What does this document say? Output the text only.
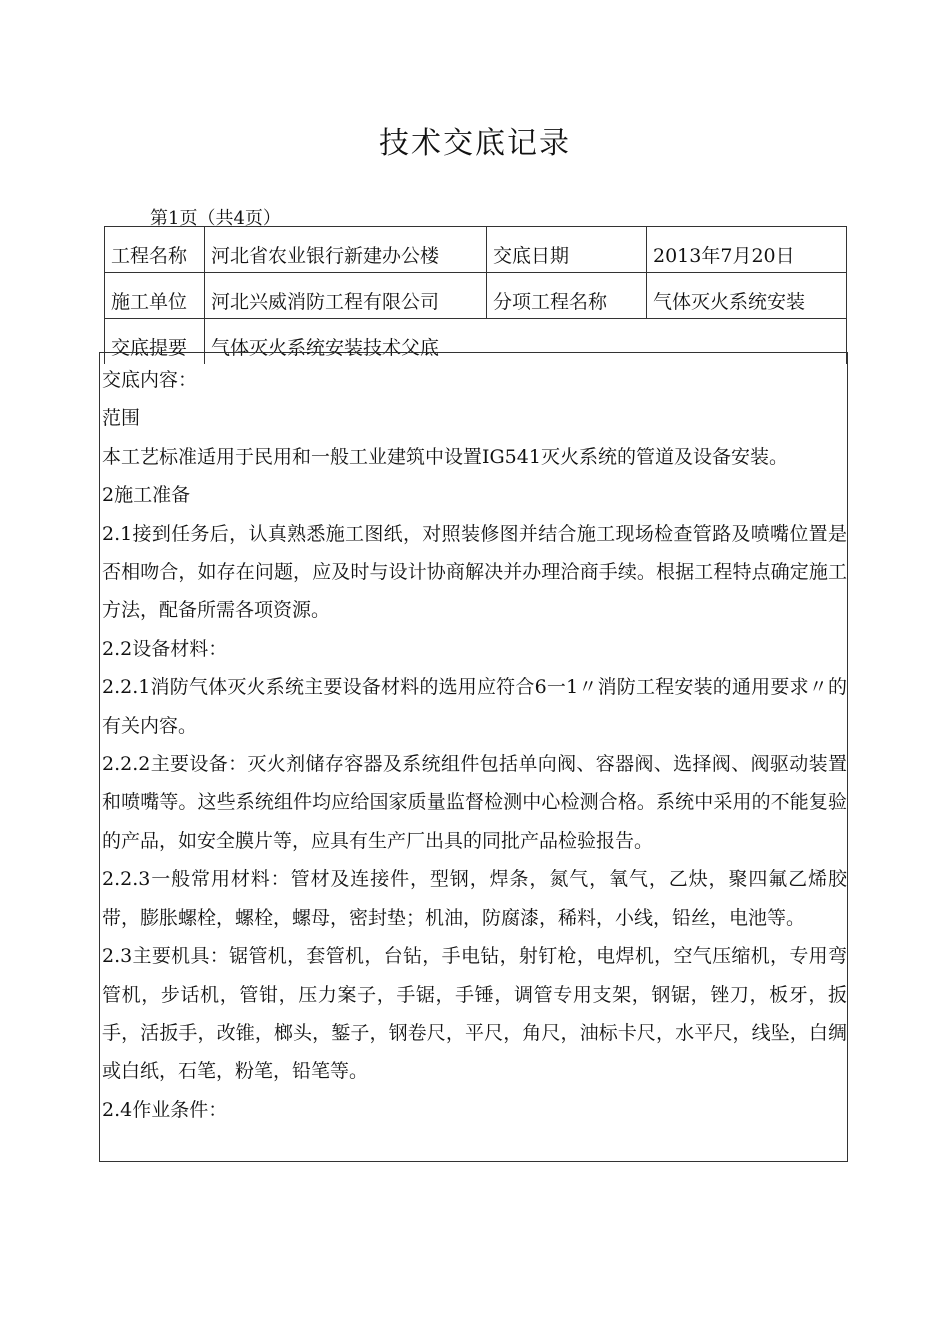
技术交底记录
第1页（共4页）
工程名称	河北省农业银行新建办公楼	交底日期	2013年7月20日
施工单位	河北兴威消防工程有限公司	分项工程名称	气体灭火系统安装
交底提要	气体灭火系统安装技术父底		

交底内容：

范围

本工艺标准适用于民用和一般工业建筑中设置IG541灭火系统的管道及设备安装。

2施工准备

2.1接到任务后，认真熟悉施工图纸，对照装修图并结合施工现场检查管路及喷嘴位置是否相吻合，如存在问题，应及时与设计协商解决并办理洽商手续。根据工程特点确定施工方法，配备所需各项资源。

2.2设备材料：

2.2.1消防气体灭火系统主要设备材料的选用应符合6一1〃消防工程安装的通用要求〃的有关内容。

2.2.2主要设备：灭火剂储存容器及系统组件包括单向阀、容器阀、选择阀、阀驱动装置和喷嘴等。这些系统组件均应给国家质量监督检测中心检测合格。系统中采用的不能复验的产品，如安全膜片等，应具有生产厂出具的同批产品检验报告。

2.2.3一般常用材料：管材及连接件，型钢，焊条，氮气，氧气，乙炔，聚四氟乙烯胶带，膨胀螺栓，螺栓，螺母，密封垫；机油，防腐漆，稀料，小线，铅丝，电池等。

2.3主要机具：锯管机，套管机，台钻，手电钻，射钉枪，电焊机，空气压缩机，专用弯管机，步话机，管钳，压力案子，手锯，手锤，调管专用支架，钢锯，锉刀，板牙，扳手，活扳手，改锥，榔头，錾子，钢卷尺，平尺，角尺，油标卡尺，水平尺，线坠，白绸或白纸，石笔，粉笔，铅笔等。

2.4作业条件：
